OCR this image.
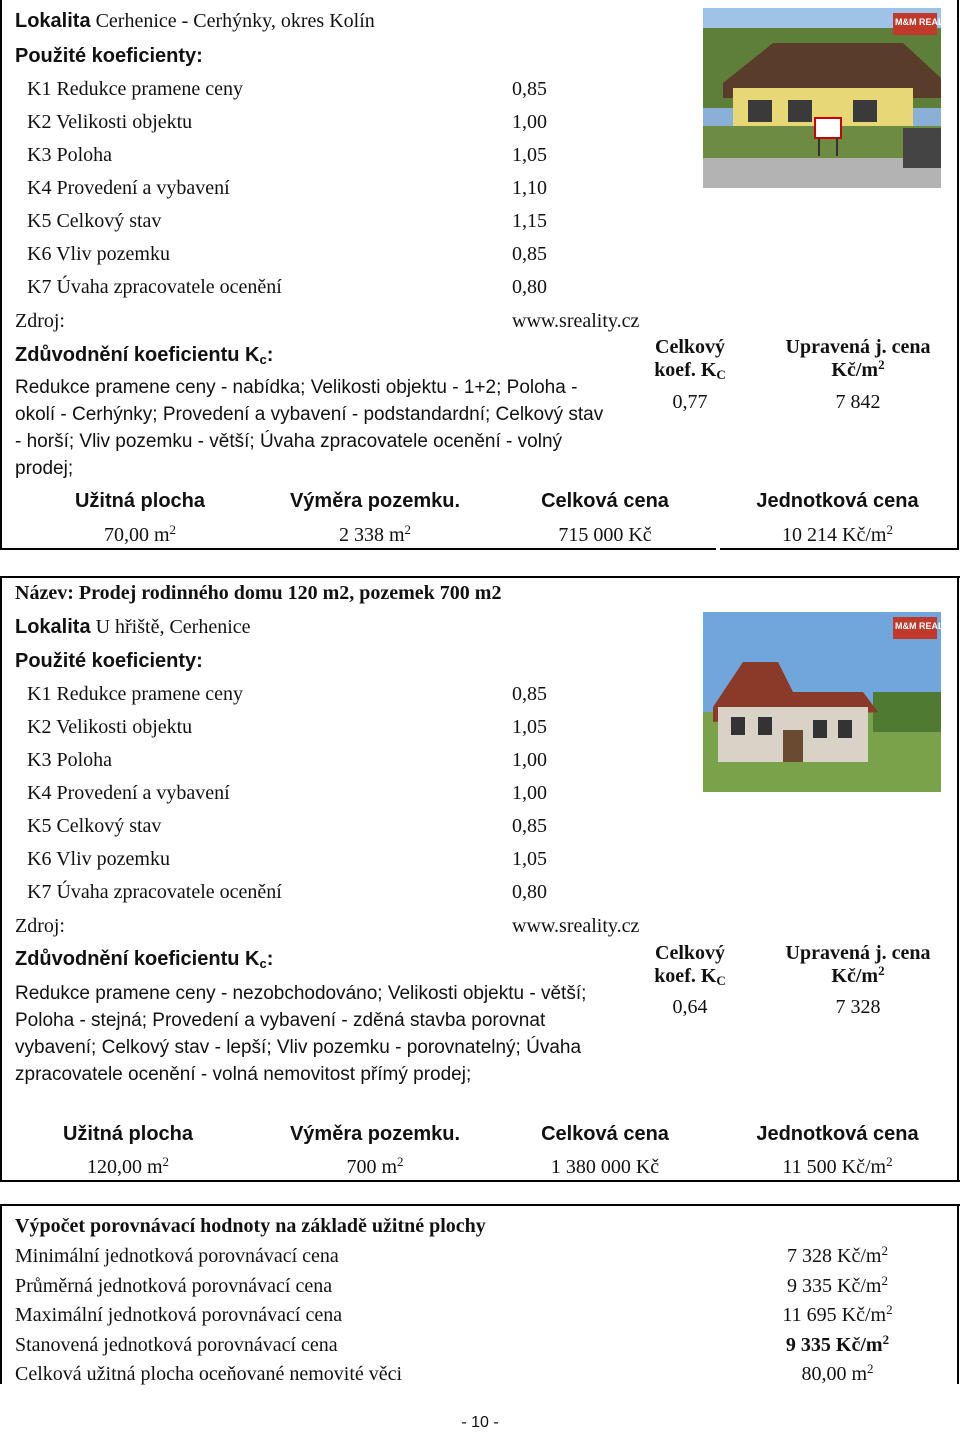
Lokalita Cerhenice - Cerhýnky, okres Kolín
Použité koeficienty:
K1 Redukce pramene ceny	0,85
K2 Velikosti objektu	1,00
K3 Poloha	1,05
K4 Provedení a vybavení	1,10
K5 Celkový stav	1,15
K6 Vliv pozemku	0,85
K7 Úvaha zpracovatele ocenění	0,80
Zdroj:	www.sreality.cz
Zdůvodnění koeficientu $K_c$:
Redukce pramene ceny - nabídka; Velikosti objektu - 1+2; Poloha - okolí - Cerhýnky; Provedení a vybavení - podstandardní; Celkový stav - horší; Vliv pozemku - větší; Úvaha zpracovatele ocenění - volný prodej;
Celkový
koef. $K_C$
0,77
Upravená j. cena
$Kč/m^2$
7 842
Užitná plocha	Výměra pozemku.	Celková cena	Jednotková cena
70,00 $m^2$	2 338 $m^2$	715 000 Kč	10 214 $Kč/m^2$
M&M REALITY
Název: Prodej rodinného domu 120 m2, pozemek 700 m2
Lokalita U hřiště, Cerhenice
Použité koeficienty:
K1 Redukce pramene ceny	0,85
K2 Velikosti objektu	1,05
K3 Poloha	1,00
K4 Provedení a vybavení	1,00
K5 Celkový stav	0,85
K6 Vliv pozemku	1,05
K7 Úvaha zpracovatele ocenění	0,80
Zdroj:	www.sreality.cz
Zdůvodnění koeficientu $K_c$:
Redukce pramene ceny - nezobchodováno; Velikosti objektu - větší; Poloha - stejná; Provedení a vybavení - zděná stavba porovnat vybavení; Celkový stav - lepší; Vliv pozemku - porovnatelný; Úvaha zpracovatele ocenění - volná nemovitost přímý prodej;
Celkový
koef. $K_C$
0,64
Upravená j. cena
$Kč/m^2$
7 328
Užitná plocha	Výměra pozemku.	Celková cena	Jednotková cena
120,00 $m^2$	700 $m^2$	1 380 000 Kč	11 500 $Kč/m^2$
M&M REALITY
Výpočet porovnávací hodnoty na základě užitné plochy
Minimální jednotková porovnávací cena	7 328 $Kč/m^2$
Průměrná jednotková porovnávací cena	9 335 $Kč/m^2$
Maximální jednotková porovnávací cena	11 695 $Kč/m^2$
Stanovená jednotková porovnávací cena	9 335 $Kč/m^2$
Celková užitná plocha oceňované nemovité věci	80,00 $m^2$
- 10 -
